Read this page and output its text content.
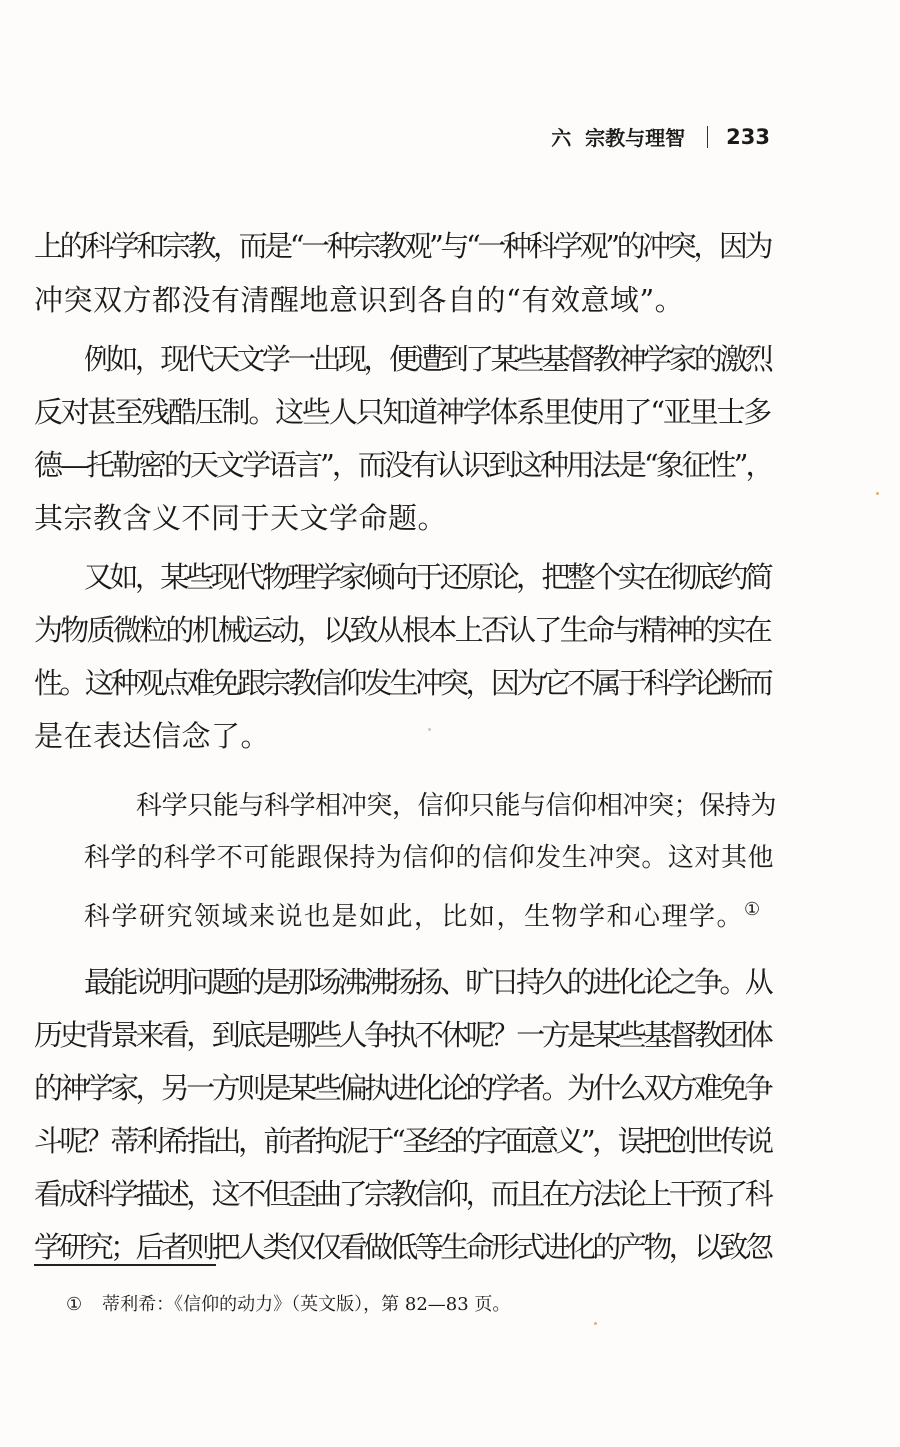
六  宗教与理智 233
上的科学和宗教，而是“一种宗教观”与“一种科学观”的冲突，因为
冲突双方都没有清醒地意识到各自的“有效意域”。
例如，现代天文学一出现，便遭到了某些基督教神学家的激烈
反对甚至残酷压制。这些人只知道神学体系里使用了“亚里士多
德—托勒密的天文学语言”，而没有认识到这种用法是“象征性”，
其宗教含义不同于天文学命题。
又如，某些现代物理学家倾向于还原论，把整个实在彻底约简
为物质微粒的机械运动，以致从根本上否认了生命与精神的实在
性。这种观点难免跟宗教信仰发生冲突，因为它不属于科学论断而
是在表达信念了。
科学只能与科学相冲突，信仰只能与信仰相冲突；保持为
科学的科学不可能跟保持为信仰的信仰发生冲突。这对其他
科学研究领域来说也是如此，比如，生物学和心理学。①
最能说明问题的是那场沸沸扬扬、旷日持久的进化论之争。从
历史背景来看，到底是哪些人争执不休呢？一方是某些基督教团体
的神学家，另一方则是某些偏执进化论的学者。为什么双方难免争
斗呢？蒂利希指出，前者拘泥于“圣经的字面意义”，误把创世传说
看成科学描述，这不但歪曲了宗教信仰，而且在方法论上干预了科
学研究；后者则把人类仅仅看做低等生命形式进化的产物，以致忽
① 蒂利希：《信仰的动力》（英文版），第 82—83 页。
